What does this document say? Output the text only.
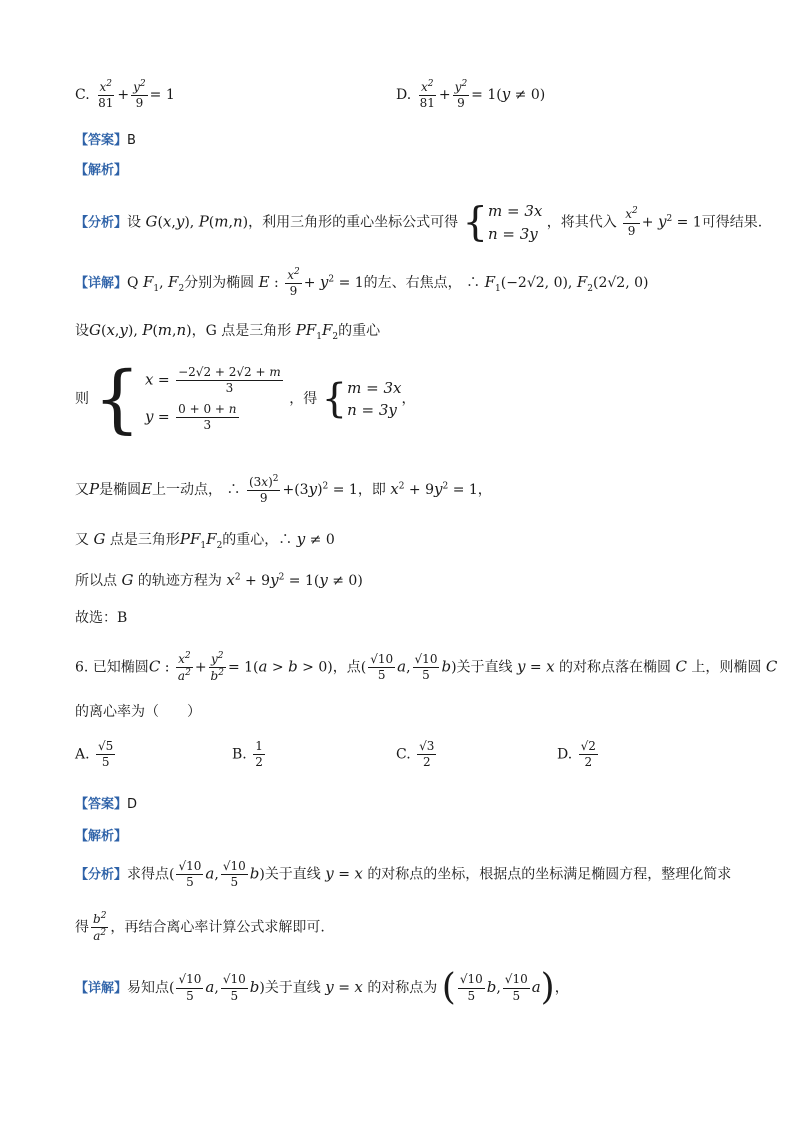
C. $\frac{x^2}{81} + \frac{y^2}{9} = 1$	D. $\frac{x^2}{81} + \frac{y^2}{9} = 1(y \ne 0)$
【答案】B
【解析】
【分析】设 G(x,y), P(m,n)，利用三角形的重心坐标公式可得 { m = 3x
n = 3y
，将其代入 $\frac{x^2}{9} + y^2 = 1$可得结果.
【详解】Q $F_1$, $F_2$分别为椭圆 E : $\frac{x^2}{9} + y^2 = 1$的左、右焦点， ∴ $F_1(-2√2$, 0), $F_2(2√2$, 0)
设G(x,y), P(m,n)，G 点是三角形 $PF_1F_2$的重心
则 { $x = \frac{-2√2 + 2√2 + m}{3}$
$y = \frac{0 + 0 + n}{3}$
，得 { m = 3x
n = 3y
，
又P是椭圆E上一动点， ∴ $\frac{(3x)^2}{9} +(3y)^2 = 1$，即 $x^2 + 9y^2 = 1$，
又 G 点是三角形$PF_1F_2$的重心，∴ y ≠ 0
所以点 G 的轨迹方程为 $x^2 + 9y^2 = 1(y \ne 0)$
故选：B
6. 已知椭圆C : $\frac{x^2}{a^2} + \frac{y^2}{b^2} = 1(a > b > 0)$，点( $\frac{√10}{5} a$, $\frac{√10}{5} b$)关于直线 y = x 的对称点落在椭圆 C 上，则椭圆 C
的离心率为（　　）
A. $\frac{√5}{5}$	B. $\frac{1}{2}$	C. $\frac{√3}{2}$	D. $\frac{√2}{2}$
【答案】D
【解析】
【分析】求得点( $\frac{√10}{5} a$, $\frac{√10}{5} b$)关于直线 y = x 的对称点的坐标，根据点的坐标满足椭圆方程，整理化简求
得 $\frac{b^2}{a^2}$ ，再结合离心率计算公式求解即可.
【详解】易知点( $\frac{√10}{5} a$, $\frac{√10}{5} b$)关于直线 y = x 的对称点为 ( $\frac{√10}{5} b$, $\frac{√10}{5} a$)，
